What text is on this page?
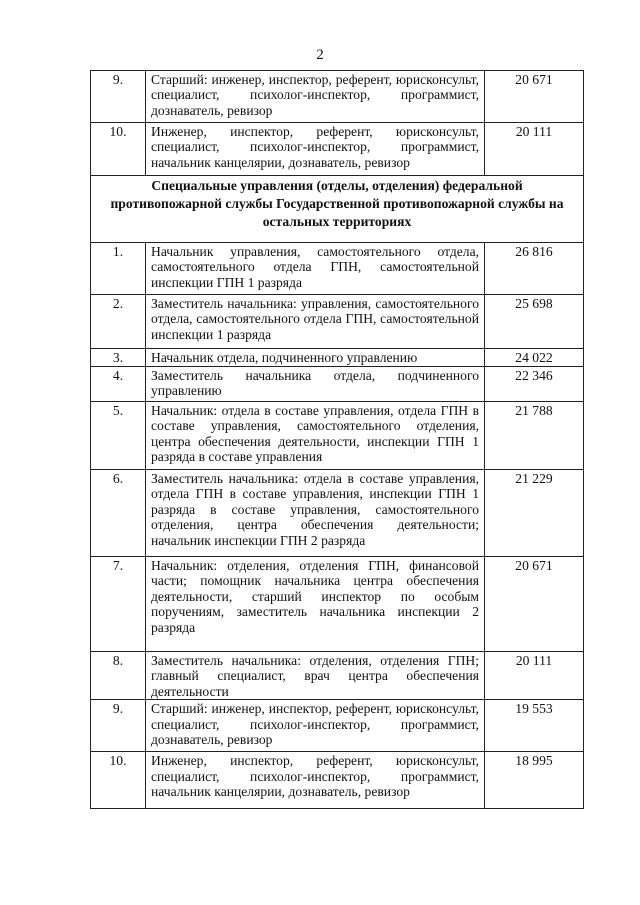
2
9.	Старший: инженер, инспектор, референт, юрисконсульт, специалист, психолог-инспектор, программист, дознаватель, ревизор	20 671
10.	Инженер, инспектор, референт, юрисконсульт, специалист, психолог-инспектор, программист, начальник канцелярии, дознаватель, ревизор	20 111
Специальные управления (отделы, отделения) федеральной противопожарной службы Государственной противопожарной службы на остальных территориях		
1.	Начальник управления, самостоятельного отдела, самостоятельного отдела ГПН, самостоятельной инспекции ГПН 1 разряда	26 816
2.	Заместитель начальника: управления, самостоятельного отдела, самостоятельного отдела ГПН, самостоятельной инспекции 1 разряда	25 698
3.	Начальник отдела, подчиненного управлению	24 022
4.	Заместитель начальника отдела, подчиненного управлению	22 346
5.	Начальник: отдела в составе управления, отдела ГПН в составе управления, самостоятельного отделения, центра обеспечения деятельности, инспекции ГПН 1 разряда в составе управления	21 788
6.	Заместитель начальника: отдела в составе управления, отдела ГПН в составе управления, инспекции ГПН 1 разряда в составе управления, самостоятельного отделения, центра обеспечения деятельности; начальник инспекции ГПН 2 разряда	21 229
7.	Начальник: отделения, отделения ГПН, финансовой части; помощник начальника центра обеспечения деятельности, старший инспектор по особым поручениям, заместитель начальника инспекции 2 разряда	20 671
8.	Заместитель начальника: отделения, отделения ГПН; главный специалист, врач центра обеспечения деятельности	20 111
9.	Старший: инженер, инспектор, референт, юрисконсульт, специалист, психолог-инспектор, программист, дознаватель, ревизор	19 553
10.	Инженер, инспектор, референт, юрисконсульт, специалист, психолог-инспектор, программист, начальник канцелярии, дознаватель, ревизор	18 995
